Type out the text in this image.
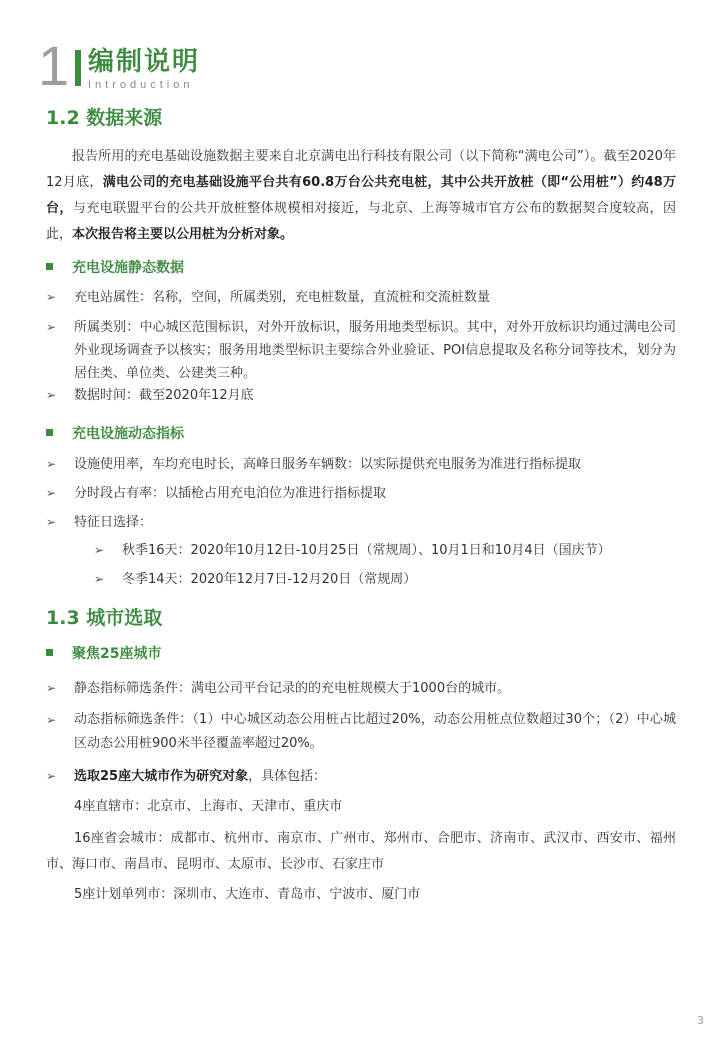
1 编制说明
Introduction
1.2 数据来源
报告所用的充电基础设施数据主要来自北京满电出行科技有限公司（以下简称“满电公司”）。截至2020年12月底，满电公司的充电基础设施平台共有60.8万台公共充电桩，其中公共开放桩（即“公用桩”）约48万台，与充电联盟平台的公共开放桩整体规模相对接近，与北京、上海等城市官方公布的数据契合度较高，因此，本次报告将主要以公用桩为分析对象。
充电设施静态数据
➢	充电站属性：名称，空间，所属类别，充电桩数量，直流桩和交流桩数量
➢	所属类别：中心城区范围标识，对外开放标识，服务用地类型标识。其中，对外开放标识均通过满电公司外业现场调查予以核实；服务用地类型标识主要综合外业验证、POI信息提取及名称分词等技术，划分为居住类、单位类、公建类三种。
➢	数据时间：截至2020年12月底
充电设施动态指标
➢	设施使用率，车均充电时长，高峰日服务车辆数：以实际提供充电服务为准进行指标提取
➢	分时段占有率：以插枪占用充电泊位为准进行指标提取
➢	特征日选择：
➢	秋季16天：2020年10月12日-10月25日（常规周）、10月1日和10月4日（国庆节）
➢	冬季14天：2020年12月7日-12月20日（常规周）
1.3 城市选取
聚焦25座城市
➢	静态指标筛选条件：满电公司平台记录的的充电桩规模大于1000台的城市。
➢	动态指标筛选条件：（1）中心城区动态公用桩占比超过20%，动态公用桩点位数超过30个；（2）中心城区动态公用桩900米半径覆盖率超过20%。
➢	选取25座大城市作为研究对象，具体包括：
4座直辖市：北京市、上海市、天津市、重庆市
16座省会城市：成都市、杭州市、南京市、广州市、郑州市、合肥市、济南市、武汉市、西安市、福州市、海口市、南昌市、昆明市、太原市、长沙市、石家庄市
5座计划单列市：深圳市、大连市、青岛市、宁波市、厦门市
3
